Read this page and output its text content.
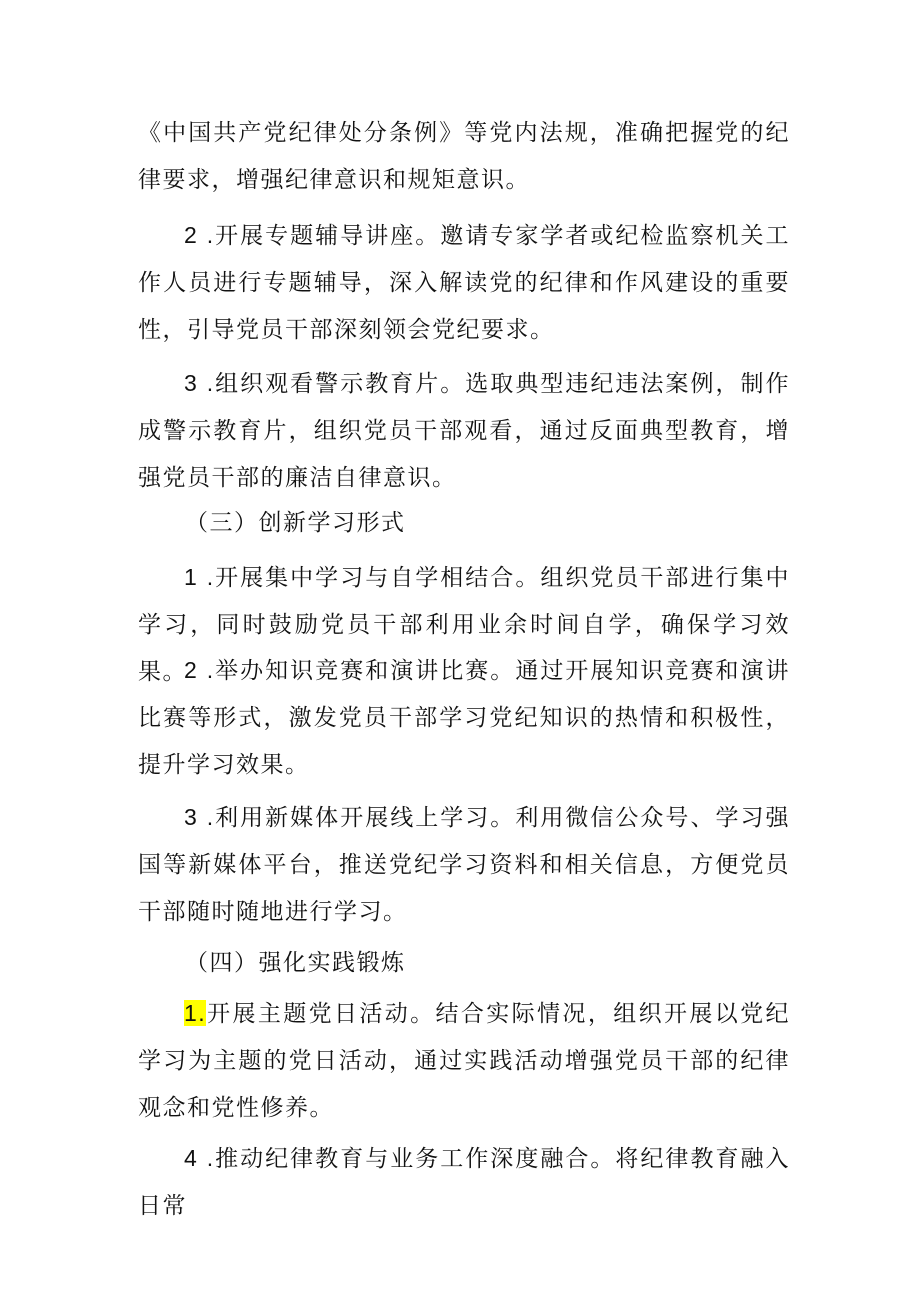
《中国共产党纪律处分条例》等党内法规，准确把握党的纪律要求，增强纪律意识和规矩意识。

2 .开展专题辅导讲座。邀请专家学者或纪检监察机关工作人员进行专题辅导，深入解读党的纪律和作风建设的重要性，引导党员干部深刻领会党纪要求。

3 .组织观看警示教育片。选取典型违纪违法案例，制作成警示教育片，组织党员干部观看，通过反面典型教育，增强党员干部的廉洁自律意识。

（三）创新学习形式

1 .开展集中学习与自学相结合。组织党员干部进行集中学习，同时鼓励党员干部利用业余时间自学，确保学习效果。

2 .举办知识竞赛和演讲比赛。通过开展知识竞赛和演讲比赛等形式，激发党员干部学习党纪知识的热情和积极性，提升学习效果。

3 .利用新媒体开展线上学习。利用微信公众号、学习强国等新媒体平台，推送党纪学习资料和相关信息，方便党员干部随时随地进行学习。

（四）强化实践锻炼

1.开展主题党日活动。结合实际情况，组织开展以党纪学习为主题的党日活动，通过实践活动增强党员干部的纪律观念和党性修养。

4 .推动纪律教育与业务工作深度融合。将纪律教育融入日常
